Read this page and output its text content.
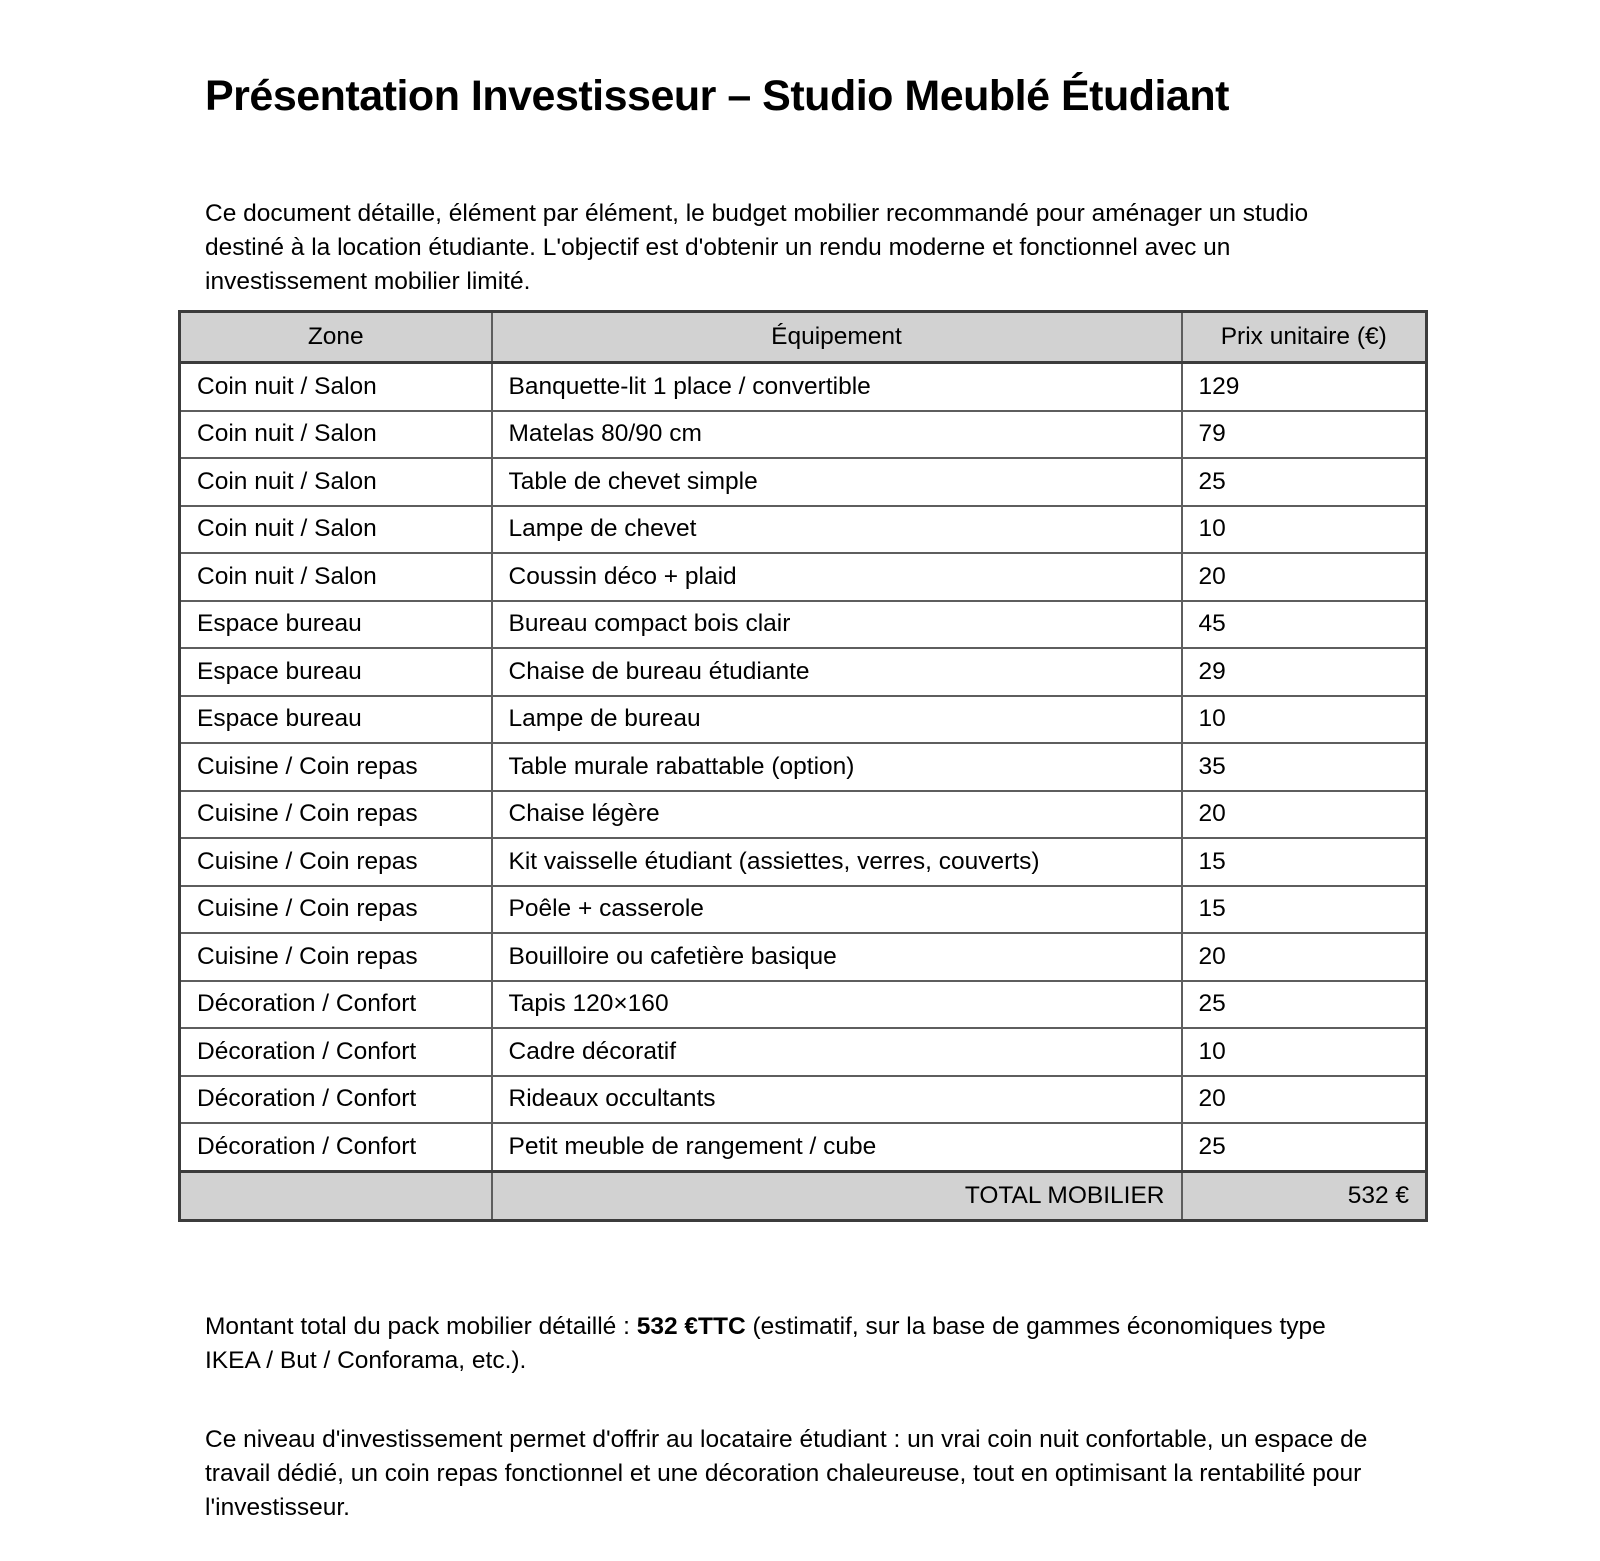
Présentation Investisseur – Studio Meublé Étudiant

Ce document détaille, élément par élément, le budget mobilier recommandé pour aménager un studio destiné à la location étudiante. L'objectif est d'obtenir un rendu moderne et fonctionnel avec un investissement mobilier limité.

Zone	Équipement	Prix unitaire (€)
Coin nuit / Salon	Banquette-lit 1 place / convertible	129
Coin nuit / Salon	Matelas 80/90 cm	79
Coin nuit / Salon	Table de chevet simple	25
Coin nuit / Salon	Lampe de chevet	10
Coin nuit / Salon	Coussin déco + plaid	20
Espace bureau	Bureau compact bois clair	45
Espace bureau	Chaise de bureau étudiante	29
Espace bureau	Lampe de bureau	10
Cuisine / Coin repas	Table murale rabattable (option)	35
Cuisine / Coin repas	Chaise légère	20
Cuisine / Coin repas	Kit vaisselle étudiant (assiettes, verres, couverts)	15
Cuisine / Coin repas	Poêle + casserole	15
Cuisine / Coin repas	Bouilloire ou cafetière basique	20
Décoration / Confort	Tapis 120×160	25
Décoration / Confort	Cadre décoratif	10
Décoration / Confort	Rideaux occultants	20
Décoration / Confort	Petit meuble de rangement / cube	25
	TOTAL MOBILIER	532 €

Montant total du pack mobilier détaillé : 532 €TTC (estimatif, sur la base de gammes économiques type IKEA / But / Conforama, etc.).

Ce niveau d'investissement permet d'offrir au locataire étudiant : un vrai coin nuit confortable, un espace de travail dédié, un coin repas fonctionnel et une décoration chaleureuse, tout en optimisant la rentabilité pour l'investisseur.
